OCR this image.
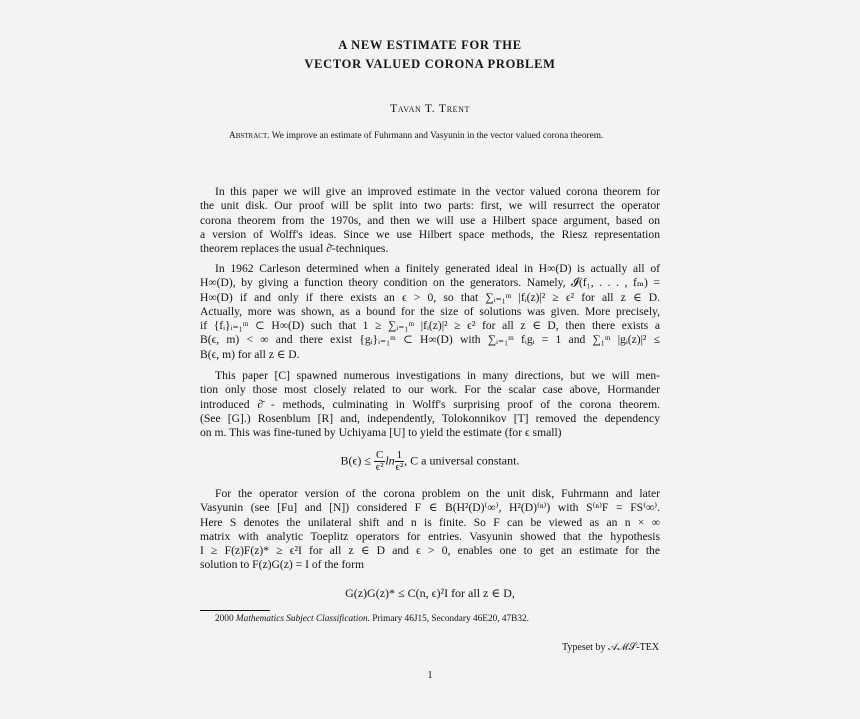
A NEW ESTIMATE FOR THE
VECTOR VALUED CORONA PROBLEM
Tavan T. Trent
Abstract. We improve an estimate of Fuhrmann and Vasyunin in the vector valued corona theorem.
In this paper we will give an improved estimate in the vector valued corona theorem for
the unit disk. Our proof will be split into two parts: first, we will resurrect the operator
corona theorem from the 1970s, and then we will use a Hilbert space argument, based on
a version of Wolff's ideas. Since we use Hilbert space methods, the Riesz representation
theorem replaces the usual ∂̄-techniques.
In 1962 Carleson determined when a finitely generated ideal in H∞(D) is actually all of
H∞(D), by giving a function theory condition on the generators. Namely, 𝓘(f₁, . . . , fₘ) =
H∞(D) if and only if there exists an ϵ > 0, so that ∑ᵢ₌₁ᵐ |fᵢ(z)|² ≥ ϵ² for all z ∈ D.
Actually, more was shown, as a bound for the size of solutions was given. More precisely,
if {fᵢ}ᵢ₌₁ᵐ ⊂ H∞(D) such that 1 ≥ ∑ᵢ₌₁ᵐ |fᵢ(z)|² ≥ ϵ² for all z ∈ D, then there exists a
B(ϵ, m) < ∞ and there exist {gᵢ}ᵢ₌₁ᵐ ⊂ H∞(D) with ∑ᵢ₌₁ᵐ fᵢgᵢ = 1 and ∑₁ᵐ |gᵢ(z)|² ≤
B(ϵ, m) for all z ∈ D.
This paper [C] spawned numerous investigations in many directions, but we will men-
tion only those most closely related to our work. For the scalar case above, Hormander
introduced ∂̄ - methods, culminating in Wolff's surprising proof of the corona theorem.
(See [G].) Rosenblum [R] and, independently, Tolokonnikov [T] removed the dependency
on m. This was fine-tuned by Uchiyama [U] to yield the estimate (for ϵ small)
$B(\epsilon) \le \frac{C}{\text{ϵ²}}$ $\ln \frac{1}{\text{ϵ²}}$ , C a universal constant.
For the operator version of the corona problem on the unit disk, Fuhrmann and later
Vasyunin (see [Fu] and [N]) considered F ∈ B(H²(D)⁽∞⁾, H²(D)⁽ⁿ⁾) with S⁽ⁿ⁾F = FS⁽∞⁾.
Here S denotes the unilateral shift and n is finite. So F can be viewed as an n × ∞
matrix with analytic Toeplitz operators for entries. Vasyunin showed that the hypothesis
I ≥ F(z)F(z)* ≥ ϵ²I for all z ∈ D and ϵ > 0, enables one to get an estimate for the
solution to F(z)G(z) = I of the form
G(z)G(z)* ≤ C(n, ϵ)²I for all z ∈ D,
2000 Mathematics Subject Classification. Primary 46J15, Secondary 46E20, 47B32.
Typeset by 𝒜ℳ𝒮-TEX
1
